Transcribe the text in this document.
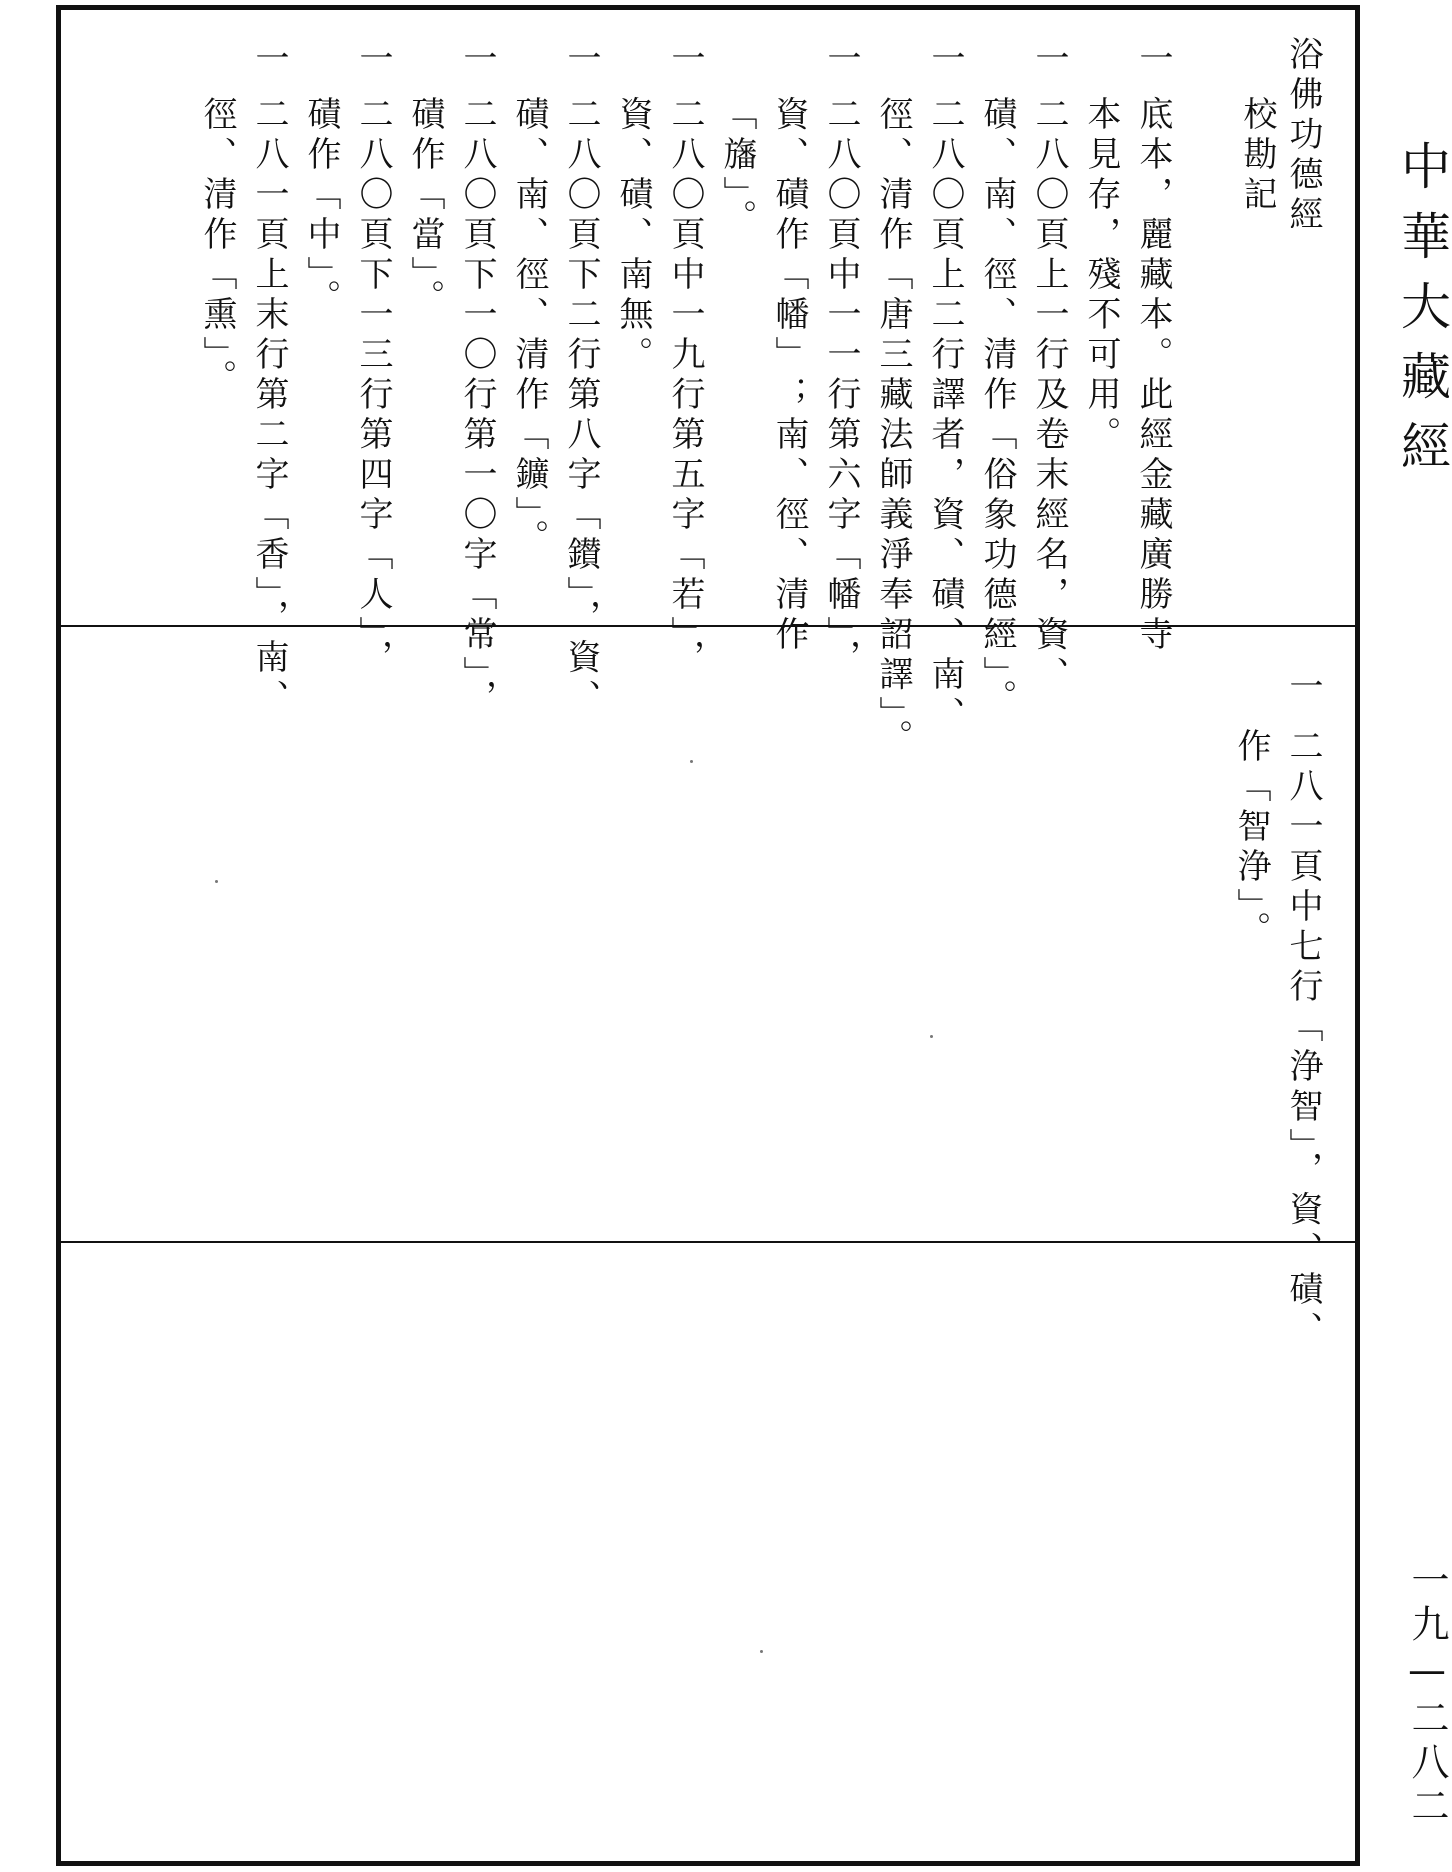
中華大藏經
一九—二八二
浴佛功德經
校勘記
一
底本，麗藏本。此經金藏廣勝寺
本見存，殘不可用。
一
二八〇頁上一行及卷末經名，資、
磧、南、徑、清作「俗象功德經」。
一
二八〇頁上二行譯者，資、磧、南、
徑、清作「唐三藏法師義淨奉詔譯」。
一
二八〇頁中一一行第六字「幡」，
資、磧作「幡」；南、徑、清作
「旛」。
一
二八〇頁中一九行第五字「若」，
資、磧、南無。
一
二八〇頁下二行第八字「鑚」，資、
磧、南、徑、清作「鑛」。
一
二八〇頁下一〇行第一〇字「常」，
磧作「當」。
一
二八〇頁下一三行第四字「人」，
磧作「中」。
一
二八一頁上末行第二字「香」，南、
徑、清作「熏」。
一
二八一頁中七行「浄智」，資、磧、
作「智浄」。
